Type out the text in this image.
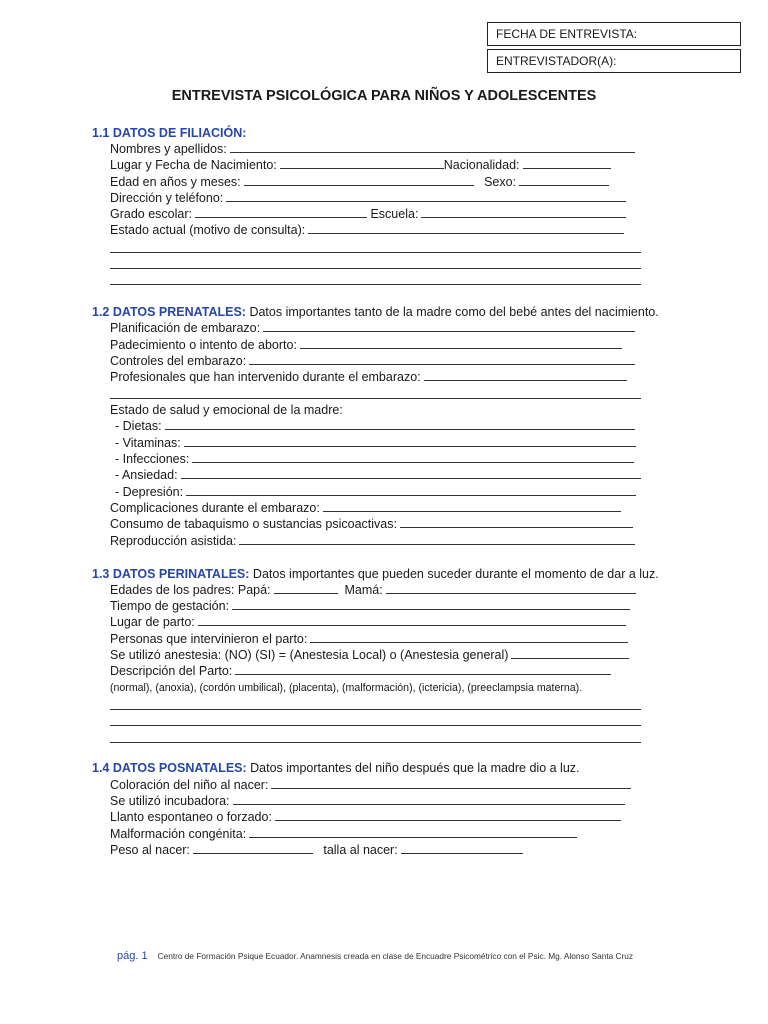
FECHA DE ENTREVISTA:
ENTREVISTADOR(A):
ENTREVISTA PSICOLÓGICA PARA NIÑOS Y ADOLESCENTES
1.1 DATOS DE FILIACIÓN:
Nombres y apellidos:
Lugar y Fecha de Nacimiento:	Nacionalidad:
Edad en años y meses:	Sexo:
Dirección y teléfono:
Grado escolar:	Escuela:
Estado actual (motivo de consulta):
1.2 DATOS PRENATALES: Datos importantes tanto de la madre como del bebé antes del nacimiento.
Planificación de embarazo:
Padecimiento o intento de aborto:
Controles del embarazo:
Profesionales que han intervenido durante el embarazo:
Estado de salud y emocional de la madre:
- Dietas:
- Vitaminas:
- Infecciones:
- Ansiedad:
- Depresión:
Complicaciones durante el embarazo:
Consumo de tabaquismo o sustancias psicoactivas:
Reproducción asistida:
1.3 DATOS PERINATALES: Datos importantes que pueden suceder durante el momento de dar a luz.
Edades de los padres: Papá:	Mamá:
Tiempo de gestación:
Lugar de parto:
Personas que intervinieron el parto:
Se utilizó anestesia: (NO) (SI) = (Anestesia Local) o (Anestesia general)
Descripción del Parto:
(normal), (anoxia), (cordón umbilical), (placenta), (malformación), (ictericia), (preeclampsia materna).
1.4 DATOS POSNATALES: Datos importantes del niño después que la madre dio a luz.
Coloración del niño al nacer:
Se utilizó incubadora:
Llanto espontaneo o forzado:
Malformación congénita:
Peso al nacer:	talla al nacer:
pág. 1 Centro de Formación Psique Ecuador. Anamnesis creada en clase de Encuadre Psicométrico con el Psic. Mg. Alonso Santa Cruz
